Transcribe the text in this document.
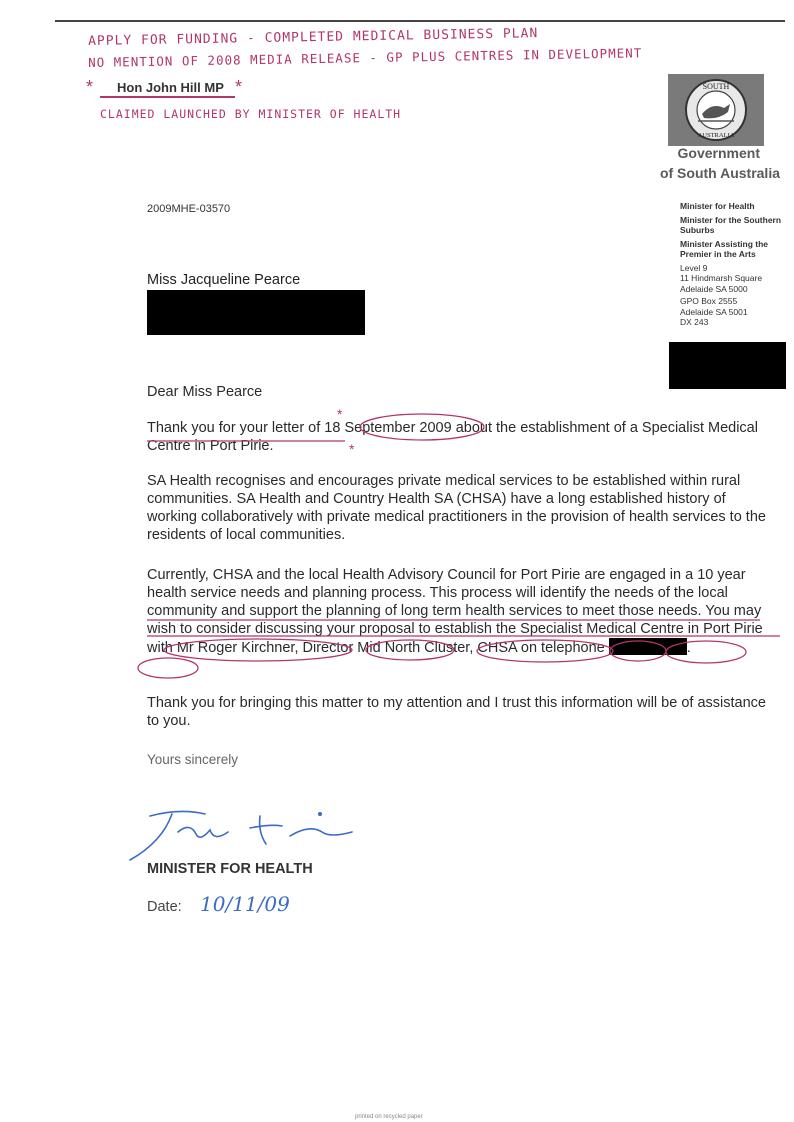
APPLY FOR FUNDING - COMPLETED MEDICAL BUSINESS PLAN
NO MENTION OF 2008 MEDIA RELEASE - GP PLUS CENTRES IN DEVELOPMENT
* Hon John Hill MP *
CLAIMED LAUNCHED BY MINISTER OF HEALTH
SOUTH
AUSTRALIA
Government
of South Australia
2009MHE-03570	Minister for Health
Minister for the Southern Suburbs
Minister Assisting the Premier in the Arts
Level 9
11 Hindmarsh Square
Adelaide SA 5000
GPO Box 2555
Adelaide SA 5001
DX 243
Miss Jacqueline Pearce
Dear Miss Pearce
Thank you for your letter of 18 September 2009 about the establishment of a Specialist Medical Centre in Port Pirie.
SA Health recognises and encourages private medical services to be established within rural communities. SA Health and Country Health SA (CHSA) have a long established history of working collaboratively with private medical practitioners in the provision of health services to the residents of local communities.
Currently, CHSA and the local Health Advisory Council for Port Pirie are engaged in a 10 year health service needs and planning process. This process will identify the needs of the local community and support the planning of long term health services to meet those needs. You may wish to consider discussing your proposal to establish the Specialist Medical Centre in Port Pirie with Mr Roger Kirchner, Director Mid North Cluster, CHSA on telephone	.
Thank you for bringing this matter to my attention and I trust this information will be of assistance to you.
*
*
Yours sincerely
MINISTER FOR HEALTH
Date: 10/11/09
printed on recycled paper
